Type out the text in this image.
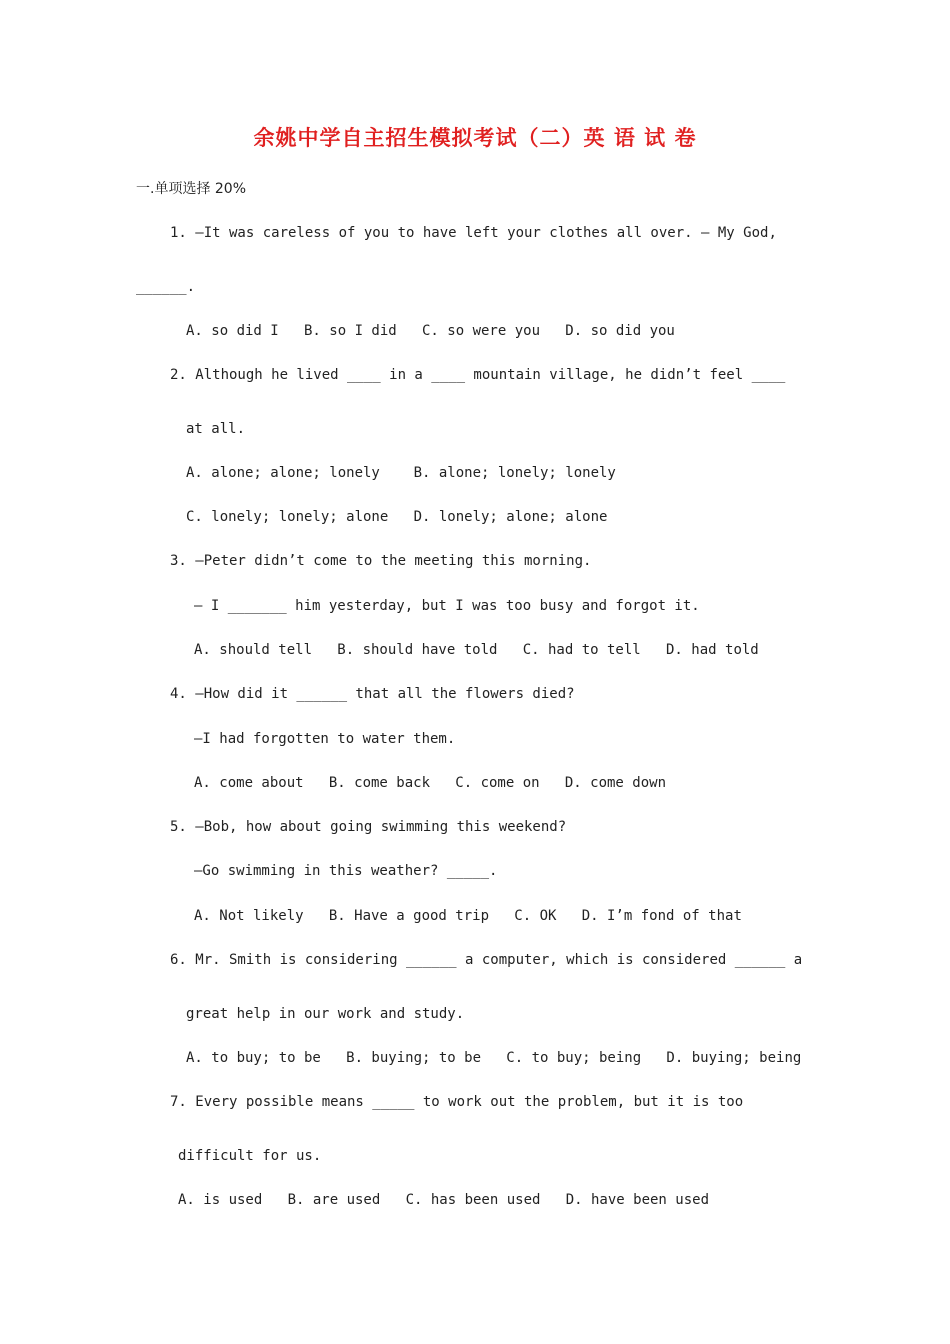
余姚中学自主招生模拟考试（二）英 语 试 卷
一.单项选择 20%
1. —It was careless of you to have left your clothes all over. — My God,
______.
A. so did I   B. so I did   C. so were you   D. so did you
2. Although he lived ____ in a ____ mountain village, he didn’t feel ____
at all.
A. alone; alone; lonely    B. alone; lonely; lonely
C. lonely; lonely; alone   D. lonely; alone; alone
3. —Peter didn’t come to the meeting this morning.
— I _______ him yesterday, but I was too busy and forgot it.
A. should tell   B. should have told   C. had to tell   D. had told
4. —How did it ______ that all the flowers died?
—I had forgotten to water them.
A. come about   B. come back   C. come on   D. come down
5. —Bob, how about going swimming this weekend?
—Go swimming in this weather? _____.
A. Not likely   B. Have a good trip   C. OK   D. I’m fond of that
6. Mr. Smith is considering ______ a computer, which is considered ______ a
great help in our work and study.
A. to buy; to be   B. buying; to be   C. to buy; being   D. buying; being
7. Every possible means _____ to work out the problem, but it is too
difficult for us.
A. is used   B. are used   C. has been used   D. have been used
